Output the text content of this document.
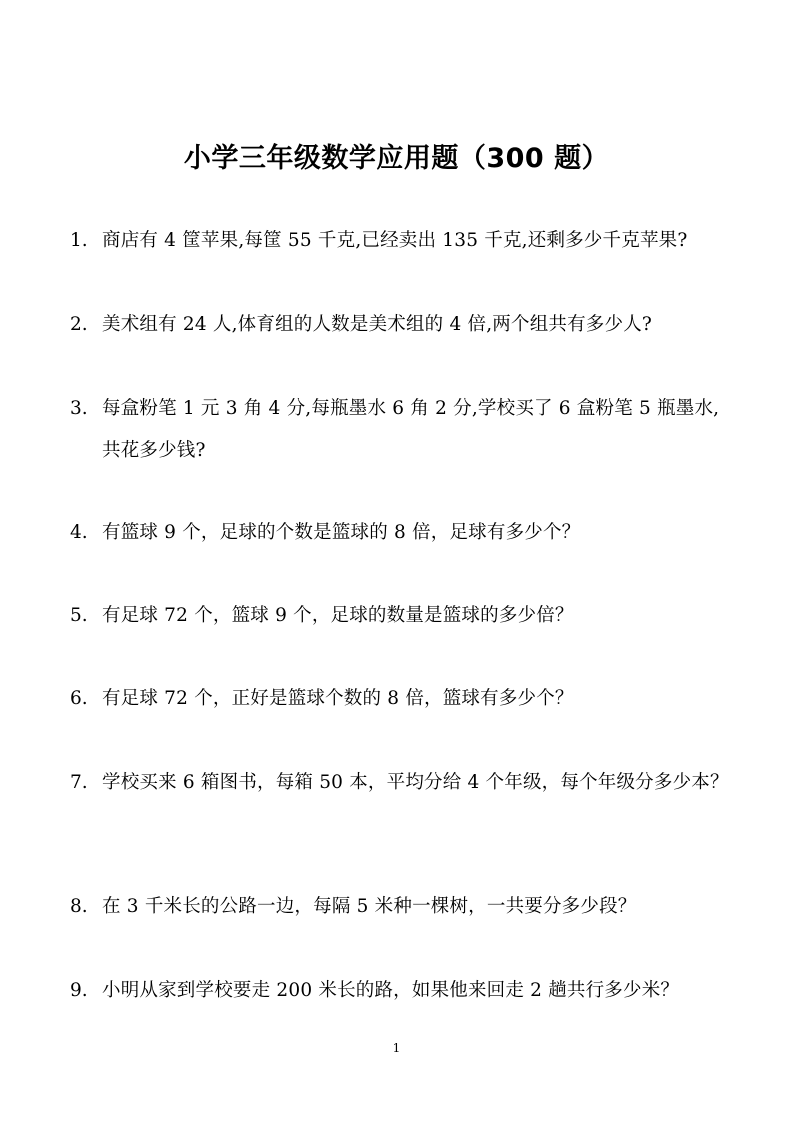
小学三年级数学应用题（300 题）
1. 商店有 4 筐苹果,每筐 55 千克,已经卖出 135 千克,还剩多少千克苹果?
2. 美术组有 24 人,体育组的人数是美术组的 4 倍,两个组共有多少人?
3. 每盒粉笔 1 元 3 角 4 分,每瓶墨水 6 角 2 分,学校买了 6 盒粉笔 5 瓶墨水,共花多少钱?
4. 有篮球 9 个，足球的个数是篮球的 8 倍，足球有多少个？
5. 有足球 72 个，篮球 9 个，足球的数量是篮球的多少倍？
6. 有足球 72 个，正好是篮球个数的 8 倍，篮球有多少个？
7. 学校买来 6 箱图书，每箱 50 本，平均分给 4 个年级，每个年级分多少本？
8. 在 3 千米长的公路一边，每隔 5 米种一棵树，一共要分多少段？
9. 小明从家到学校要走 200 米长的路，如果他来回走 2 趟共行多少米？
1
